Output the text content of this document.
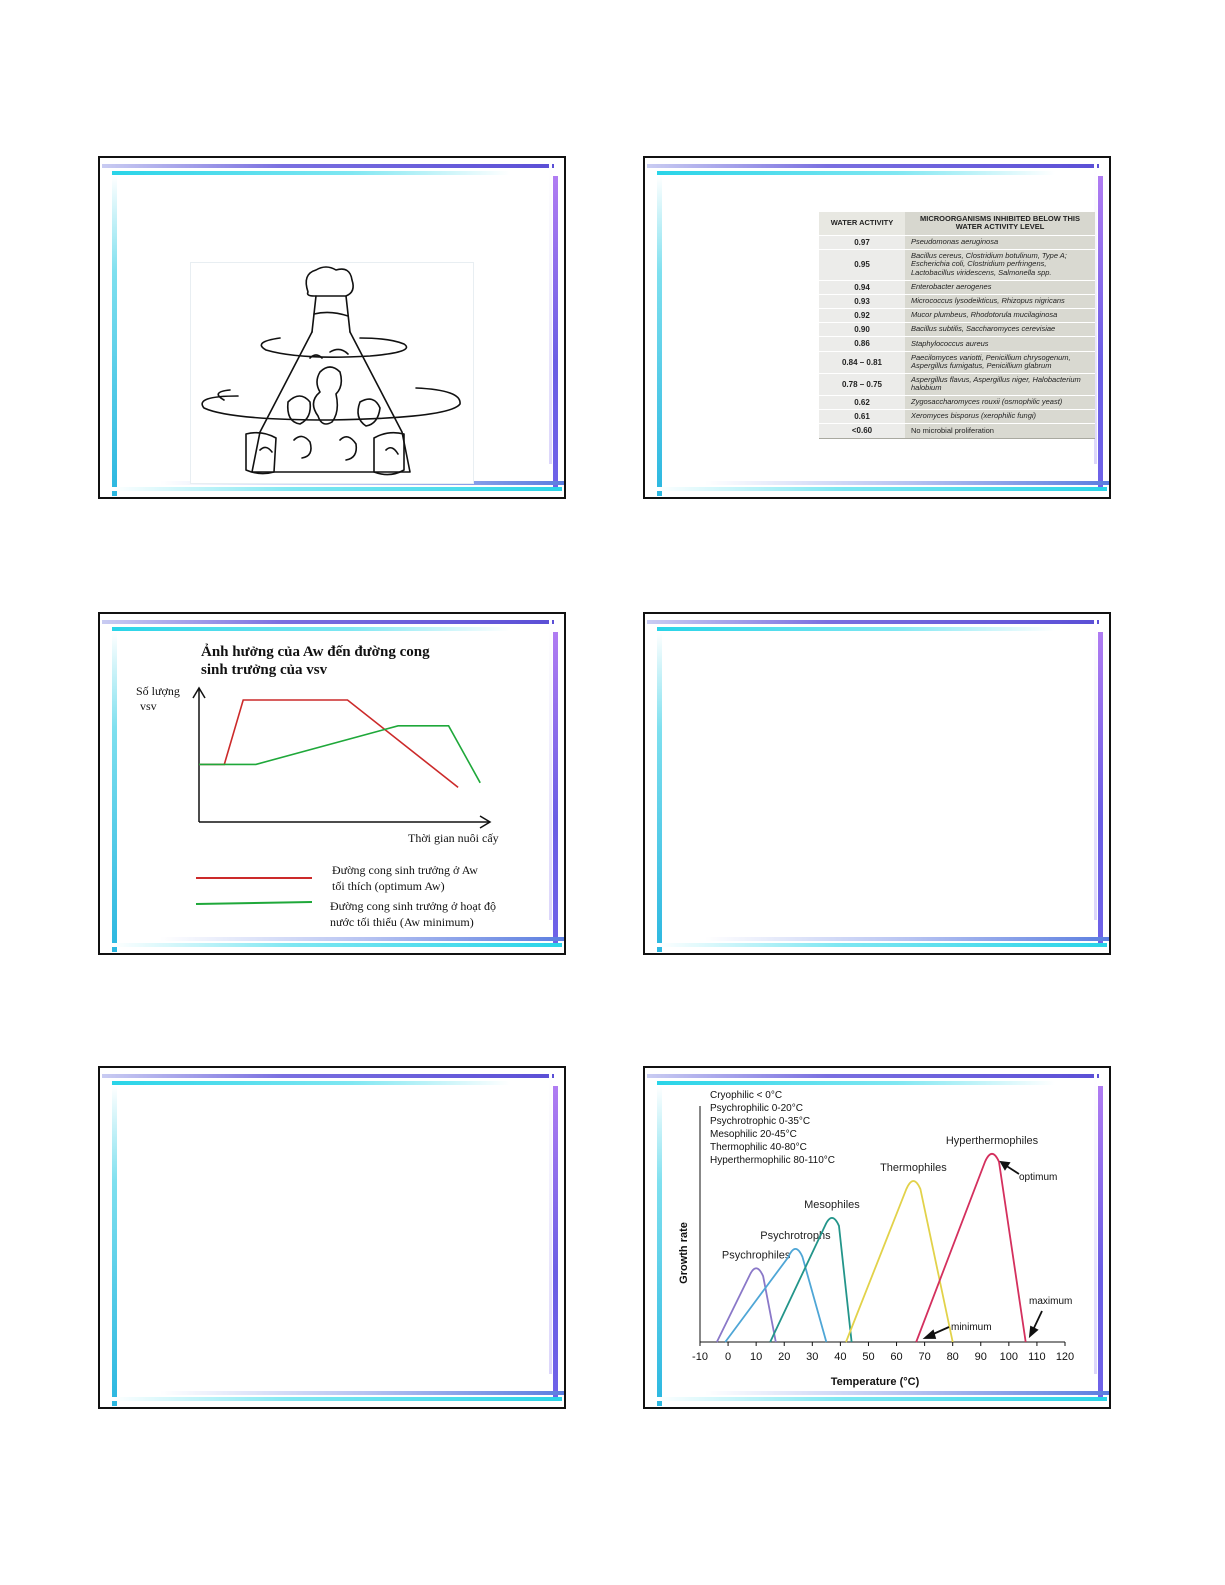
WATER ACTIVITY	MICROORGANISMS INHIBITED BELOW THIS WATER ACTIVITY LEVEL
0.97	Pseudomonas aeruginosa
0.95	Bacillus cereus, Clostridium botulinum, Type A; Escherichia coli, Clostridium perfringens, Lactobacillus viridescens, Salmonella spp.
0.94	Enterobacter aerogenes
0.93	Micrococcus lysodeikticus, Rhizopus nigricans
0.92	Mucor plumbeus, Rhodotorula mucilaginosa
0.90	Bacillus subtilis, Saccharomyces cerevisiae
0.86	Staphylococcus aureus
0.84 – 0.81	Paecilomyces variotti, Penicillium chrysogenum, Aspergillus fumigatus, Penicillium glabrum
0.78 – 0.75	Aspergillus flavus, Aspergillus niger, Halobacterium halobium
0.62	Zygosaccharomyces rouxii (osmophilic yeast)
0.61	Xeromyces bisporus (xerophilic fungi)
<0.60	No microbial proliferation
Ảnh hưởng của Aw đến đường cong
sinh trưởng của vsv
Số lượng
vsv
Thời gian nuôi cấy
Đường cong sinh trưởng ở Aw
tối thích (optimum Aw)
Đường cong sinh trưởng ở hoạt độ
nước tối thiểu (Aw minimum)
Cryophilic < 0°C
Psychrophilic 0-20°C
Psychrotrophic 0-35°C
Mesophilic 20-45°C
Thermophilic 40-80°C
Hyperthermophilic 80-110°C
Growth rate
-10 0 10 20 30 40 50 60 70 80 90 100 110 120
Psychrophiles
Psychrotrophs
Mesophiles
Thermophiles
Hyperthermophiles
Temperature (°C)
optimum
minimum
maximum
